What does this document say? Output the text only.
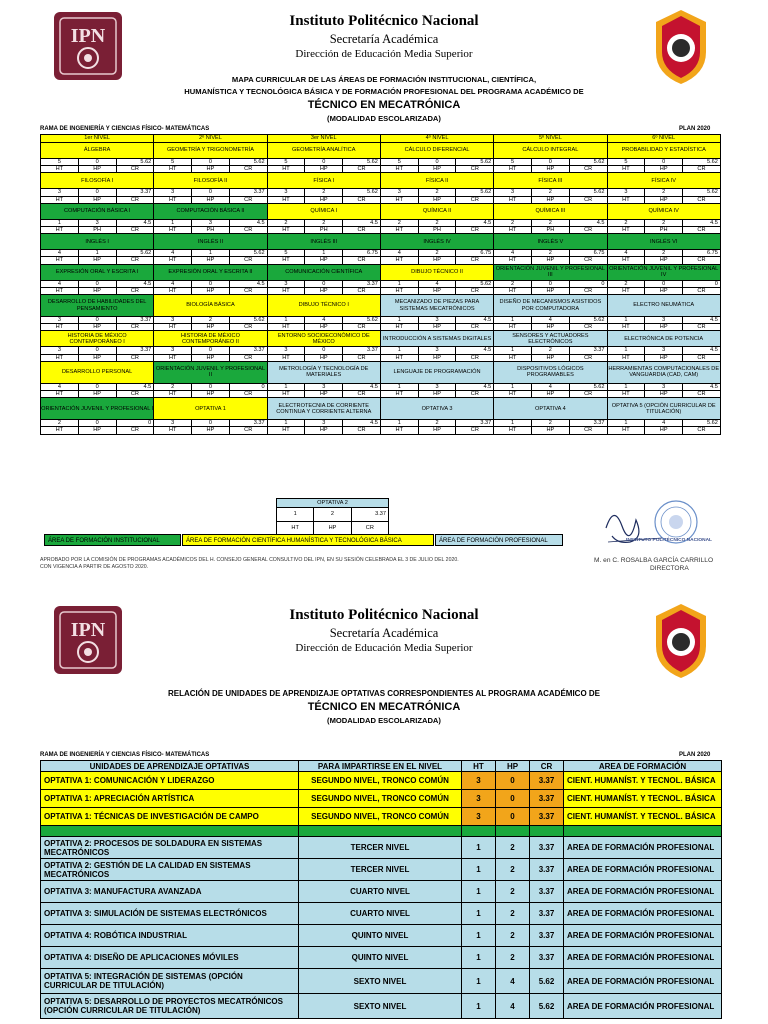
IPN
Instituto Politécnico Nacional
Secretaría Académica
Dirección de Educación Media Superior
MAPA CURRICULAR DE LAS ÁREAS DE FORMACIÓN INSTITUCIONAL, CIENTÍFICA,
HUMANÍSTICA Y TECNOLÓGICA BÁSICA Y DE FORMACIÓN PROFESIONAL DEL PROGRAMA ACADÉMICO DE
TÉCNICO EN MECATRÓNICA
(MODALIDAD ESCOLARIZADA)
RAMA DE INGENIERÍA Y CIENCIAS FÍSICO- MATEMÁTICAS	PLAN 2020
1er NIVEL			2º NIVEL			3er NIVEL			4º NIVEL			5º NIVEL			6º NIVEL		
ÁLGEBRA			GEOMETRÍA Y TRIGONOMETRÍA			GEOMETRÍA ANALÍTICA			CÁLCULO DIFERENCIAL			CÁLCULO INTEGRAL			PROBABILIDAD Y ESTADÍSTICA		
5	0	5.62	5	0	5.62	5	0	5.62	5	0	5.62	5	0	5.62	5	0	5.62
HT	HP	CR	HT	HP	CR	HT	HP	CR	HT	HP	CR	HT	HP	CR	HT	HP	CR
FILOSOFÍA I			FILOSOFÍA II			FÍSICA I			FÍSICA II			FÍSICA III			FÍSICA IV		
3	0	3.37	3	0	3.37	3	2	5.62	3	2	5.62	3	2	5.62	3	2	5.62
HT	HP	CR	HT	HP	CR	HT	HP	CR	HT	HP	CR	HT	HP	CR	HT	HP	CR
COMPUTACIÓN BÁSICA I			COMPUTACIÓN BÁSICA II			QUÍMICA I			QUÍMICA II			QUÍMICA III			QUÍMICA IV		
1	3	4.5	1	3	4.5	2	2	4.5	2	2	4.5	2	2	4.5	2	2	4.5
HT	PH	CR	HT	PH	CR	HT	PH	CR	HT	PH	CR	HT	PH	CR	HT	PH	CR
INGLÉS I			INGLÉS II			INGLÉS III			INGLÉS IV			INGLÉS V			INGLÉS VI		
4	1	5.62	4	1	5.62	5	1	6.75	4	2	6.75	4	2	6.75	4	2	6.75
HT	HP	CR	HT	HP	CR	HT	HP	CR	HT	HP	CR	HT	HP	CR	HT	HP	CR
EXPRESIÓN ORAL Y ESCRITA I			EXPRESIÓN ORAL Y ESCRITA II			COMUNICACIÓN CIENTÍFICA			DIBUJO TÉCNICO II			ORIENTACIÓN JUVENIL Y PROFESIONAL III			ORIENTACIÓN JUVENIL Y PROFESIONAL IV		
4	0	4.5	4	0	4.5	3	0	3.37	1	4	5.62	2	0	0	2	0	0
HT	HP	CR	HT	HP	CR	HT	HP	CR	HT	HP	CR	HT	HP	CR	HT	HP	CR
DESARROLLO DE HABILIDADES DEL PENSAMIENTO			BIOLOGÍA BÁSICA			DIBUJO TÉCNICO I			MECANIZADO DE PIEZAS PARA SISTEMAS MECATRÓNICOS			DISEÑO DE MECANISMOS ASISTIDOS POR COMPUTADORA			ELECTRO NEUMÁTICA		
3	0	3.37	3	2	5.62	1	4	5.62	1	3	4.5	1	4	5.62	1	3	4.5
HT	HP	CR	HT	HP	CR	HT	HP	CR	HT	HP	CR	HT	HP	CR	HT	HP	CR
HISTORIA DE MÉXICO CONTEMPORÁNEO I			HISTORIA DE MÉXICO CONTEMPORÁNEO II			ENTORNO SOCIOECONÓMICO DE MÉXICO			INTRODUCCIÓN A SISTEMAS DIGITALES			SENSORES Y ACTUADORES ELECTRÓNICOS			ELECTRÓNICA DE POTENCIA		
3	0	3.37	3	0	3.37	3	0	3.37	1	3	4.5	1	2	3.37	1	3	4.5
HT	HP	CR	HT	HP	CR	HT	HP	CR	HT	HP	CR	HT	HP	CR	HT	HP	CR
DESARROLLO PERSONAL			ORIENTACIÓN JUVENIL Y PROFESIONAL II			METROLOGÍA Y TECNOLOGÍA DE MATERIALES			LENGUAJE DE PROGRAMACIÓN			DISPOSITIVOS LÓGICOS PROGRAMABLES			HERRAMIENTAS COMPUTACIONALES DE VANGUARDIA (CAD, CAM)		
4	0	4.5	2	0	0	1	3	4.5	1	3	4.5	1	4	5.62	1	3	4.5
HT	HP	CR	HT	HP	CR	HT	HP	CR	HT	HP	CR	HT	HP	CR	HT	HP	CR
ORIENTACIÓN JUVENIL Y PROFESIONAL I			OPTATIVA 1			ELECTROTECNIA DE CORRIENTE CONTINUA Y CORRIENTE ALTERNA			OPTATIVA 3			OPTATIVA 4			OPTATIVA 5 (OPCIÓN CURRICULAR DE TITULACIÓN)		
2	0	0	3	0	3.37	1	3	4.5	1	2	3.37	1	2	3.37	1	4	5.62
HT	HP	CR	HT	HP	CR	HT	HP	CR	HT	HP	CR	HT	HP	CR	HT	HP	CR
OPTATIVA 2		
1	2	3.37
HT	HP	CR
ÁREA DE FORMACIÓN INSTITUCIONAL	ÁREA DE FORMACIÓN CIENTÍFICA HUMANÍSTICA Y TECNOLÓGICA BÁSICA	ÁREA DE FORMACIÓN PROFESIONAL
APROBADO POR LA COMISIÓN DE PROGRAMAS ACADÉMICOS DEL H. CONSEJO GENERAL CONSULTIVO DEL IPN, EN SU SESIÓN CELEBRADA EL 3 DE JULIO DEL 2020.
CON VIGENCIA A PARTIR DE AGOSTO 2020.
INSTITUTO POLITÉCNICO NACIONAL
M. en C. ROSALBA GARCÍA CARRILLO
DIRECTORA
IPN
Instituto Politécnico Nacional
Secretaría Académica
Dirección de Educación Media Superior
RELACIÓN DE UNIDADES DE APRENDIZAJE OPTATIVAS CORRESPONDIENTES AL PROGRAMA ACADÉMICO DE
TÉCNICO EN MECATRÓNICA
(MODALIDAD ESCOLARIZADA)
RAMA DE INGENIERÍA Y CIENCIAS FÍSICO- MATEMÁTICAS	PLAN 2020
UNIDADES DE APRENDIZAJE OPTATIVAS	PARA IMPARTIRSE EN EL NIVEL	HT	HP	CR	AREA DE FORMACIÓN
OPTATIVA 1: COMUNICACIÓN Y LIDERAZGO	SEGUNDO NIVEL, TRONCO COMÚN	3	0	3.37	CIENT. HUMANÍST. Y TECNOL. BÁSICA
OPTATIVA 1: APRECIACIÓN ARTÍSTICA	SEGUNDO NIVEL, TRONCO COMÚN	3	0	3.37	CIENT. HUMANÍST. Y TECNOL. BÁSICA
OPTATIVA 1: TÉCNICAS DE INVESTIGACIÓN DE CAMPO	SEGUNDO NIVEL, TRONCO COMÚN	3	0	3.37	CIENT. HUMANÍST. Y TECNOL. BÁSICA

OPTATIVA 2: PROCESOS DE SOLDADURA EN SISTEMAS MECATRÓNICOS	TERCER NIVEL	1	2	3.37	AREA DE FORMACIÓN PROFESIONAL
OPTATIVA 2: GESTIÓN DE LA CALIDAD EN SISTEMAS MECATRÓNICOS	TERCER NIVEL	1	2	3.37	AREA DE FORMACIÓN PROFESIONAL
OPTATIVA 3: MANUFACTURA AVANZADA	CUARTO NIVEL	1	2	3.37	AREA DE FORMACIÓN PROFESIONAL
OPTATIVA 3: SIMULACIÓN DE SISTEMAS ELECTRÓNICOS	CUARTO NIVEL	1	2	3.37	AREA DE FORMACIÓN PROFESIONAL
OPTATIVA 4: ROBÓTICA INDUSTRIAL	QUINTO NIVEL	1	2	3.37	AREA DE FORMACIÓN PROFESIONAL
OPTATIVA 4: DISEÑO DE APLICACIONES MÓVILES	QUINTO NIVEL	1	2	3.37	AREA DE FORMACIÓN PROFESIONAL
OPTATIVA 5: INTEGRACIÓN DE SISTEMAS (OPCIÓN CURRICULAR DE TITULACIÓN)	SEXTO NIVEL	1	4	5.62	AREA DE FORMACIÓN PROFESIONAL
OPTATIVA 5: DESARROLLO DE PROYECTOS MECATRÓNICOS (OPCIÓN CURRICULAR DE TITULACIÓN)	SEXTO NIVEL	1	4	5.62	AREA DE FORMACIÓN PROFESIONAL
